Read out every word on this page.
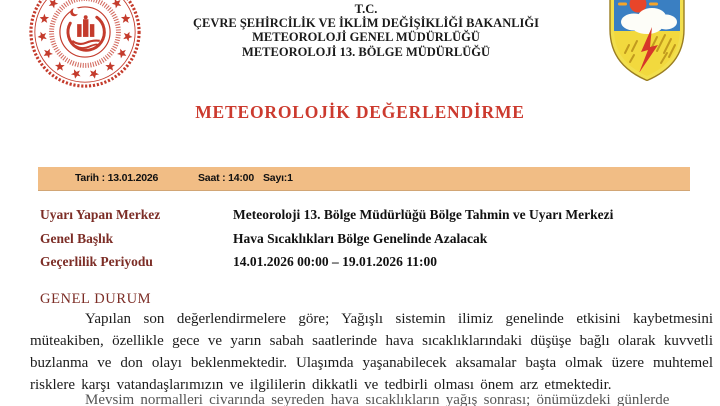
T.C.
ÇEVRE ŞEHİRCİLİK VE İKLİM DEĞİŞİKLİĞİ BAKANLIĞI
METEOROLOJİ GENEL MÜDÜRLÜĞÜ
METEOROLOJİ 13. BÖLGE MÜDÜRLÜĞÜ
METEOROLOJİK DEĞERLENDİRME
Tarih : 13.01.2026	Saat : 14:00 Sayı:1
Uyarı Yapan Merkez	Meteoroloji 13. Bölge Müdürlüğü Bölge Tahmin ve Uyarı Merkezi
Genel Başlık	Hava Sıcaklıkları Bölge Genelinde Azalacak
Geçerlilik Periyodu	14.01.2026 00:00 – 19.01.2026 11:00
GENEL DURUM

Yapılan son değerlendirmelere göre; Yağışlı sistemin ilimiz genelinde etkisini kaybetmesini müteakiben, özellikle gece ve yarın sabah saatlerinde hava sıcaklıklarındaki düşüşe bağlı olarak kuvvetli buzlanma ve don olayı beklenmektedir. Ulaşımda yaşanabilecek aksamalar başta olmak üzere muhtemel risklere karşı vatandaşlarımızın ve ilgililerin dikkatli ve tedbirli olması önem arz etmektedir.

Mevsim normalleri civarında seyreden hava sıcaklıkların yağış sonrası; önümüzdeki günlerde
